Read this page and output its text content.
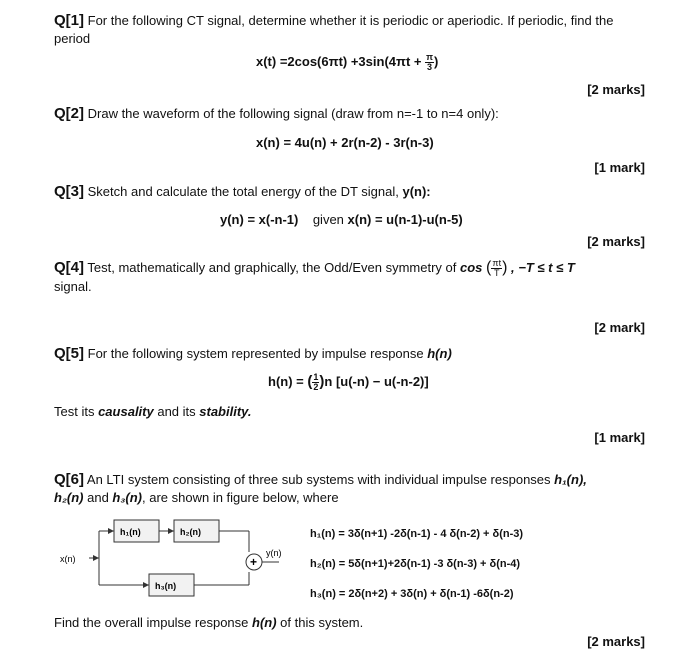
Q[1] For the following CT signal, determine whether it is periodic or aperiodic. If periodic, find the
period
$x(t) =2\cos(6\pi t) +3\sin(4\pi t + \frac{\pi}{3}$ )
[2 marks]
Q[2] Draw the waveform of the following signal (draw from n=-1 to n=4 only):
x(n) = 4u(n) + 2r(n-2) - 3r(n-3)
[1 mark]
Q[3] Sketch and calculate the total energy of the DT signal, y(n):
y(n) = x(-n-1) given x(n) = u(n-1)-u(n-5)
[2 marks]
Q[4] Test, mathematically and graphically, the Odd/Even symmetry of cos ( $\frac{\pi t}{T}$ ) , −T ≤ t ≤ T
signal.
[2 mark]
Q[5] For the following system represented by impulse response h(n)
h(n) = ( $\frac{1}{2} )n$ [u(-n) − u(-n-2)]
Test its causality and its stability.
[1 mark]
Q[6] An LTI system consisting of three sub systems with individual impulse responses h₁(n),
h₂(n) and h₃(n), are shown in figure below, where
x(n)
h₁(n)	h₂(n)
h₃(n)
+
y(n)
h₁(n) = 3δ(n+1) -2δ(n-1) - 4 δ(n-2) + δ(n-3)
h₂(n) = 5δ(n+1)+2δ(n-1) -3 δ(n-3) + δ(n-4)
h₃(n) = 2δ(n+2) + 3δ(n) + δ(n-1) -6δ(n-2)
Find the overall impulse response h(n) of this system.
[2 marks]
